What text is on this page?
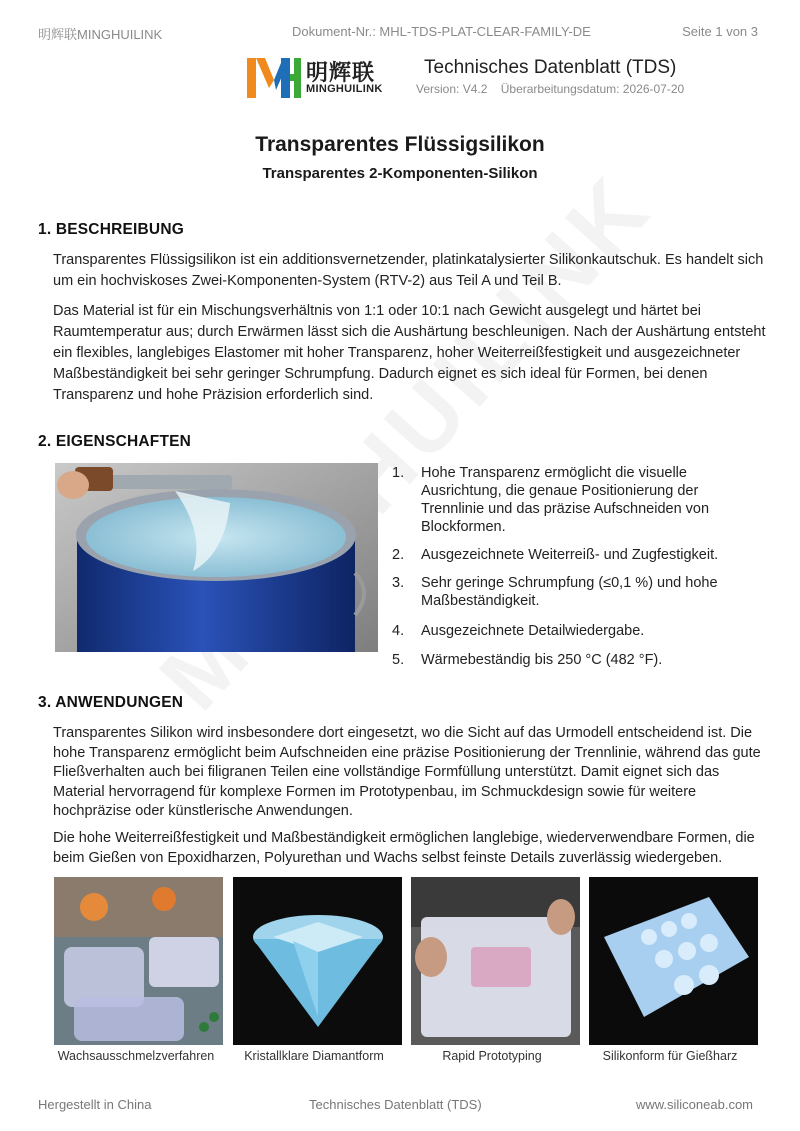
明辉联MINGHUILINK	Dokument-Nr.: MHL-TDS-PLAT-CLEAR-FAMILY-DE	Seite 1 von 3
明辉联
MINGHUILINK
Technisches Datenblatt (TDS)
Version: V4.2 Überarbeitungsdatum: 2026-07-20
Transparentes Flüssigsilikon
Transparentes 2-Komponenten-Silikon
1. BESCHREIBUNG

Transparentes Flüssigsilikon ist ein additionsvernetzender, platinkatalysierter Silikonkautschuk. Es handelt sich um ein hochviskoses Zwei-Komponenten-System (RTV-2) aus Teil A und Teil B.

Das Material ist für ein Mischungsverhältnis von 1:1 oder 10:1 nach Gewicht ausgelegt und härtet bei Raumtemperatur aus; durch Erwärmen lässt sich die Aushärtung beschleunigen. Nach der Aushärtung entsteht ein flexibles, langlebiges Elastomer mit hoher Transparenz, hoher Weiterreißfestigkeit und ausgezeichneter Maßbeständigkeit bei sehr geringer Schrumpfung. Dadurch eignet es sich ideal für Formen, bei denen Transparenz und hohe Präzision erforderlich sind.

2. EIGENSCHAFTEN
1.	Hohe Transparenz ermöglicht die visuelle Ausrichtung, die genaue Positionierung der Trennlinie und das präzise Aufschneiden von Blockformen.
2.	Ausgezeichnete Weiterreiß- und Zugfestigkeit.
3.	Sehr geringe Schrumpfung (≤0,1 %) und hohe Maßbeständigkeit.
4.	Ausgezeichnete Detailwiedergabe.
5.	Wärmebeständig bis 250 °C (482 °F).
3. ANWENDUNGEN

Transparentes Silikon wird insbesondere dort eingesetzt, wo die Sicht auf das Urmodell entscheidend ist. Die hohe Transparenz ermöglicht beim Aufschneiden eine präzise Positionierung der Trennlinie, während das gute Fließverhalten auch bei filigranen Teilen eine vollständige Formfüllung unterstützt. Damit eignet sich das Material hervorragend für komplexe Formen im Prototypenbau, im Schmuckdesign sowie für weitere hochpräzise oder künstlerische Anwendungen.

Die hohe Weiterreißfestigkeit und Maßbeständigkeit ermöglichen langlebige, wiederverwendbare Formen, die beim Gießen von Epoxidharzen, Polyurethan und Wachs selbst feinste Details zuverlässig wiedergeben.

Wachsausschmelzverfahren	Kristallklare Diamantform	Rapid Prototyping	Silikonform für Gießharz
Hergestellt in China	Technisches Datenblatt (TDS)	www.siliconeab.com
